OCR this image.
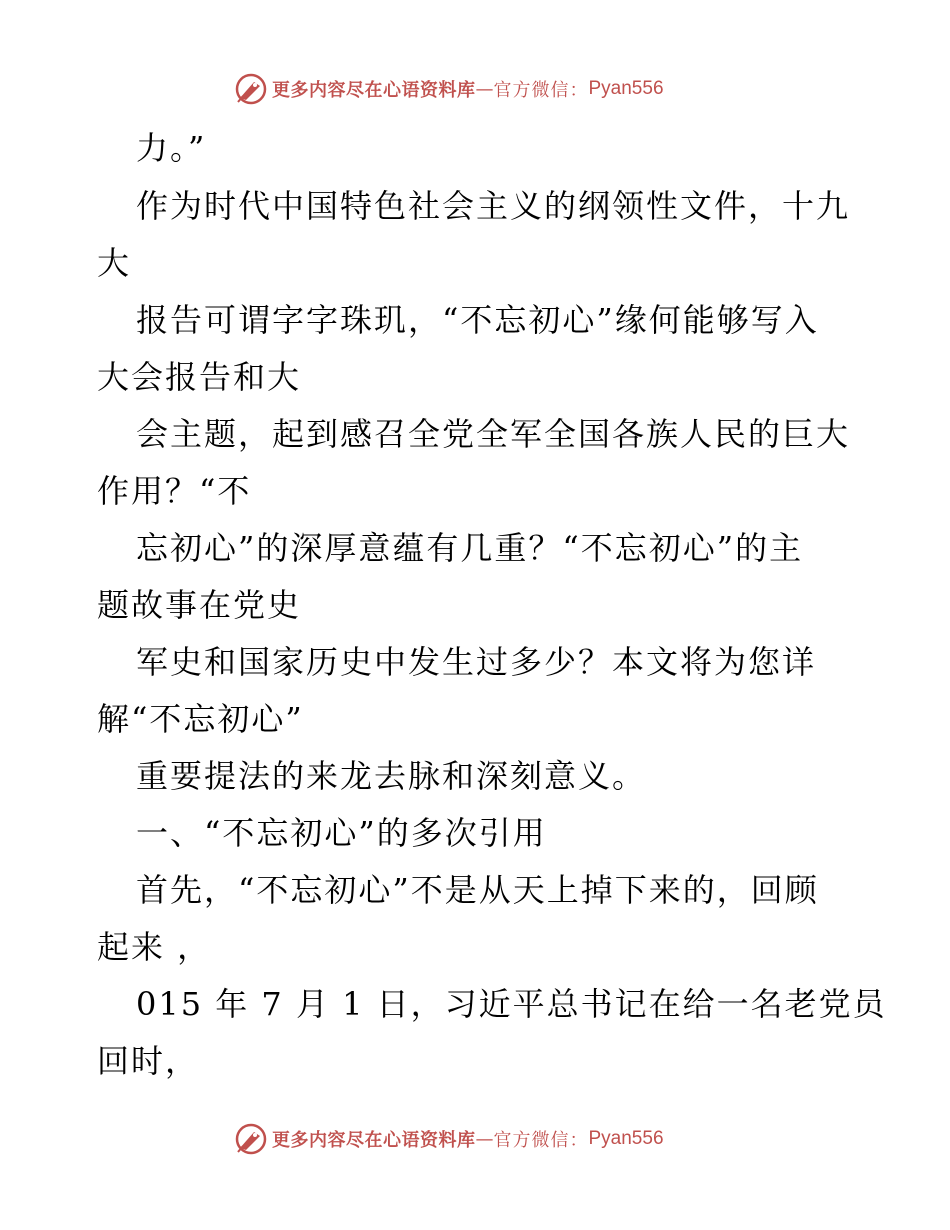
更多内容尽在心语资料库 — 官方微信： Pyan556
力。”
作为时代中国特色社会主义的纲领性文件，十九
大
报告可谓字字珠玑，“不忘初心”缘何能够写入
大会报告和大
会主题，起到感召全党全军全国各族人民的巨大
作用？“不
忘初心”的深厚意蕴有几重？“不忘初心”的主
题故事在党史
军史和国家历史中发生过多少？本文将为您详
解“不忘初心”
重要提法的来龙去脉和深刻意义。
一、“不忘初心”的多次引用
首先，“不忘初心”不是从天上掉下来的，回顾
起来 ，
015 年 7 月 1 日，习近平总书记在给一名老党员
回时，
更多内容尽在心语资料库 — 官方微信： Pyan556
